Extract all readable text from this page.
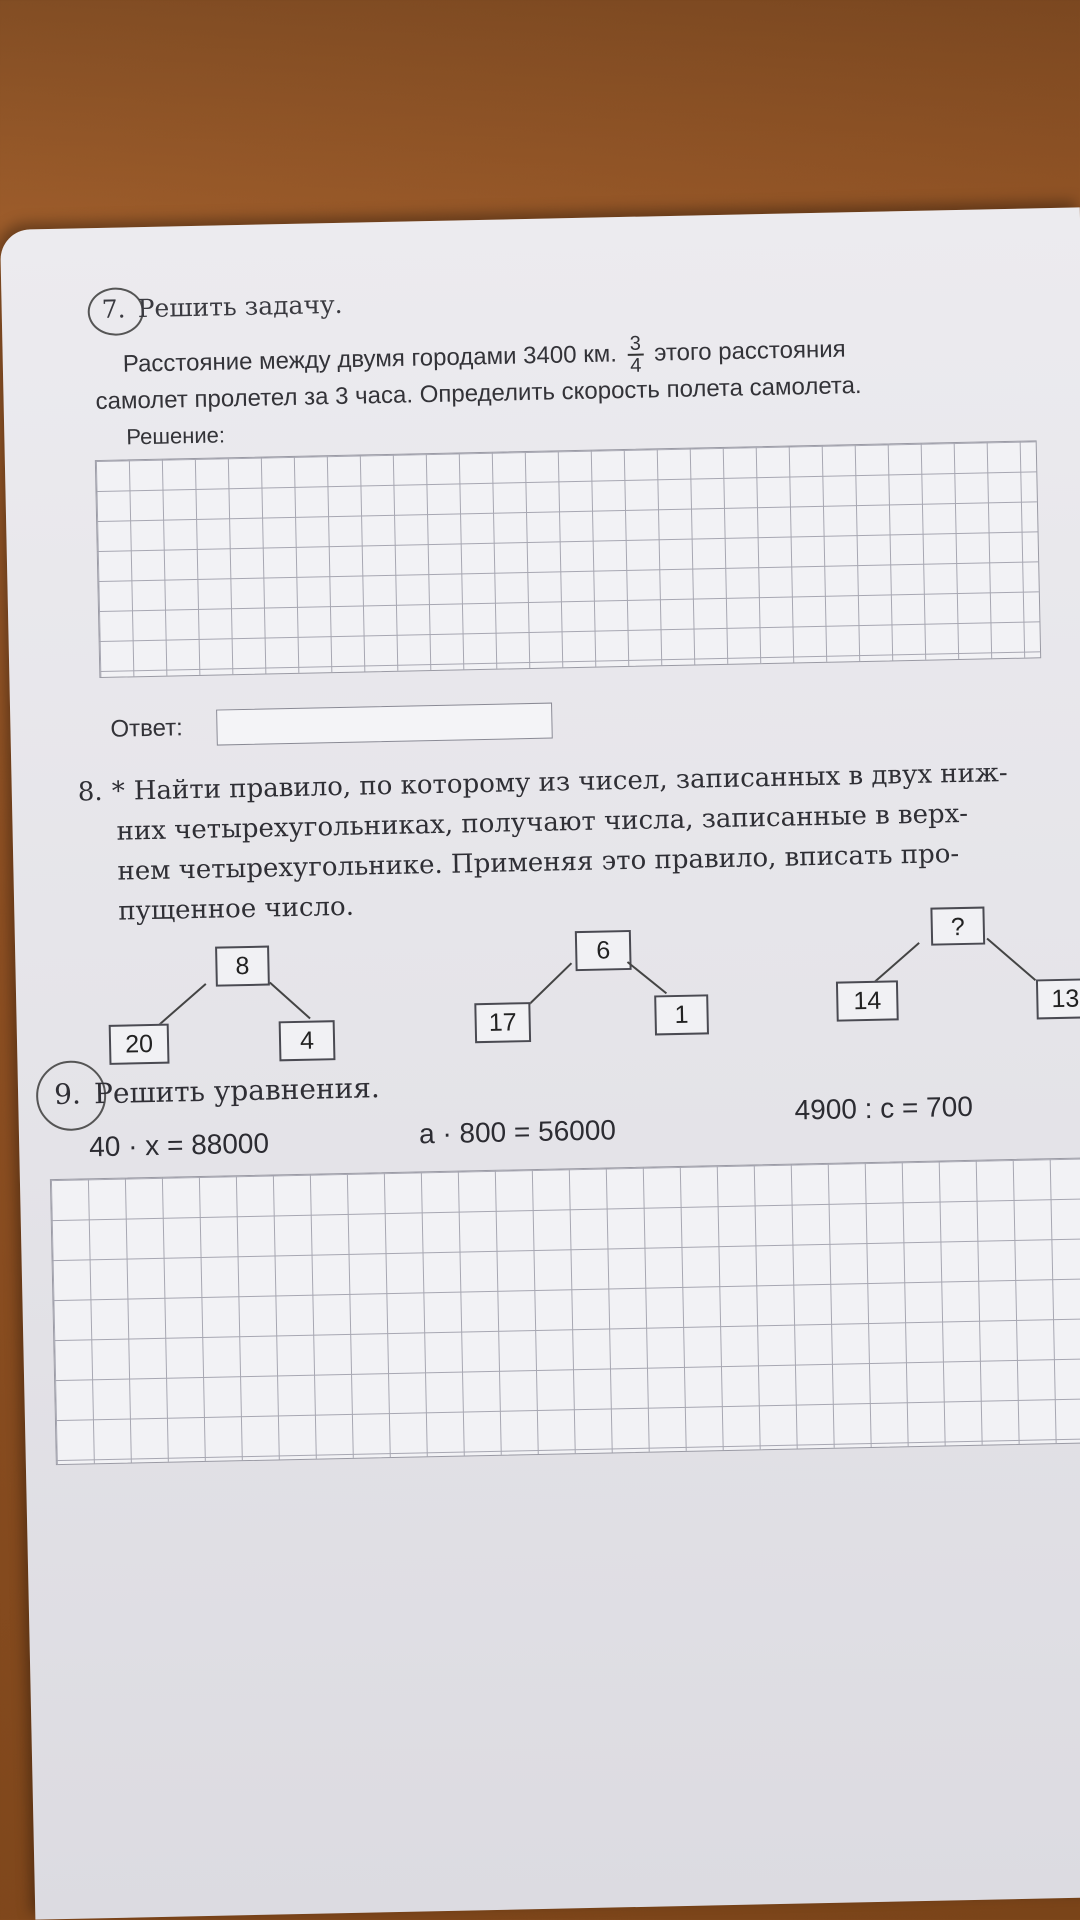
7. Решить задачу.
Расстояние между двумя городами 3400 км. $\frac{3}{4}$ этого расстояния
самолет пролетел за 3 часа. Определить скорость полета самолета.
Решение:
Ответ:
8. * Найти правило, по которому из чисел, записанных в двух ниж-
них четырехугольниках, получают числа, записанные в верх-
нем четырехугольнике. Применяя это правило, вписать про-
пущенное число.
8
20	4
6
17	1
?
14	13
9. Решить уравнения.
40 · x = 88000	a · 800 = 56000
4900 : c = 700
